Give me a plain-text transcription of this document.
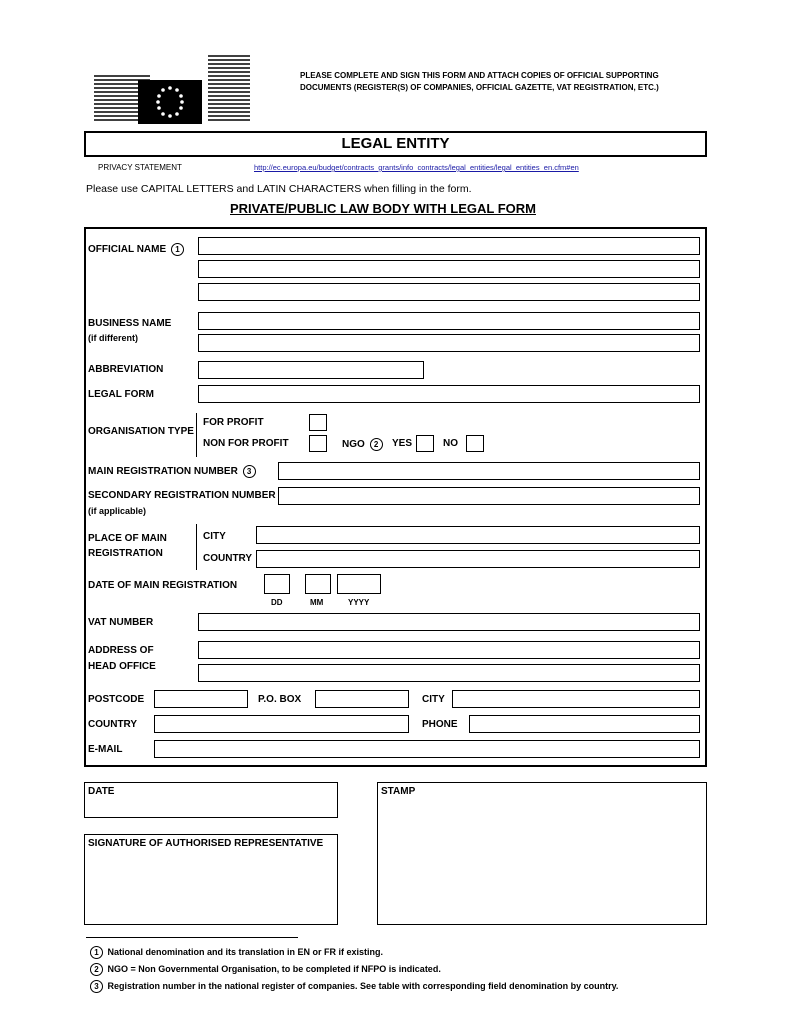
PLEASE COMPLETE AND SIGN THIS FORM AND ATTACH COPIES OF OFFICIAL SUPPORTING
DOCUMENTS (REGISTER(S) OF COMPANIES, OFFICIAL GAZETTE, VAT REGISTRATION, ETC.)
LEGAL ENTITY
PRIVACY STATEMENT	http://ec.europa.eu/budget/contracts_grants/info_contracts/legal_entities/legal_entities_en.cfm#en
Please use CAPITAL LETTERS and LATIN CHARACTERS when filling in the form.
PRIVATE/PUBLIC LAW BODY WITH LEGAL FORM
OFFICIAL NAME 1
BUSINESS NAME
(if different)
ABBREVIATION
LEGAL FORM
ORGANISATION TYPE
FOR PROFIT
NON FOR PROFIT	NGO 2	YES	NO
MAIN REGISTRATION NUMBER 3
SECONDARY REGISTRATION NUMBER
(if applicable)
PLACE OF MAIN
REGISTRATION
CITY
COUNTRY
DATE OF MAIN REGISTRATION
DD	MM	YYYY
VAT NUMBER
ADDRESS OF
HEAD OFFICE
POSTCODE	P.O. BOX	CITY
COUNTRY	PHONE
E-MAIL
DATE	STAMP
SIGNATURE OF AUTHORISED REPRESENTATIVE
1 National denomination and its translation in EN or FR if existing.
2 NGO = Non Governmental Organisation, to be completed if NFPO is indicated.
3 Registration number in the national register of companies. See table with corresponding field denomination by country.
